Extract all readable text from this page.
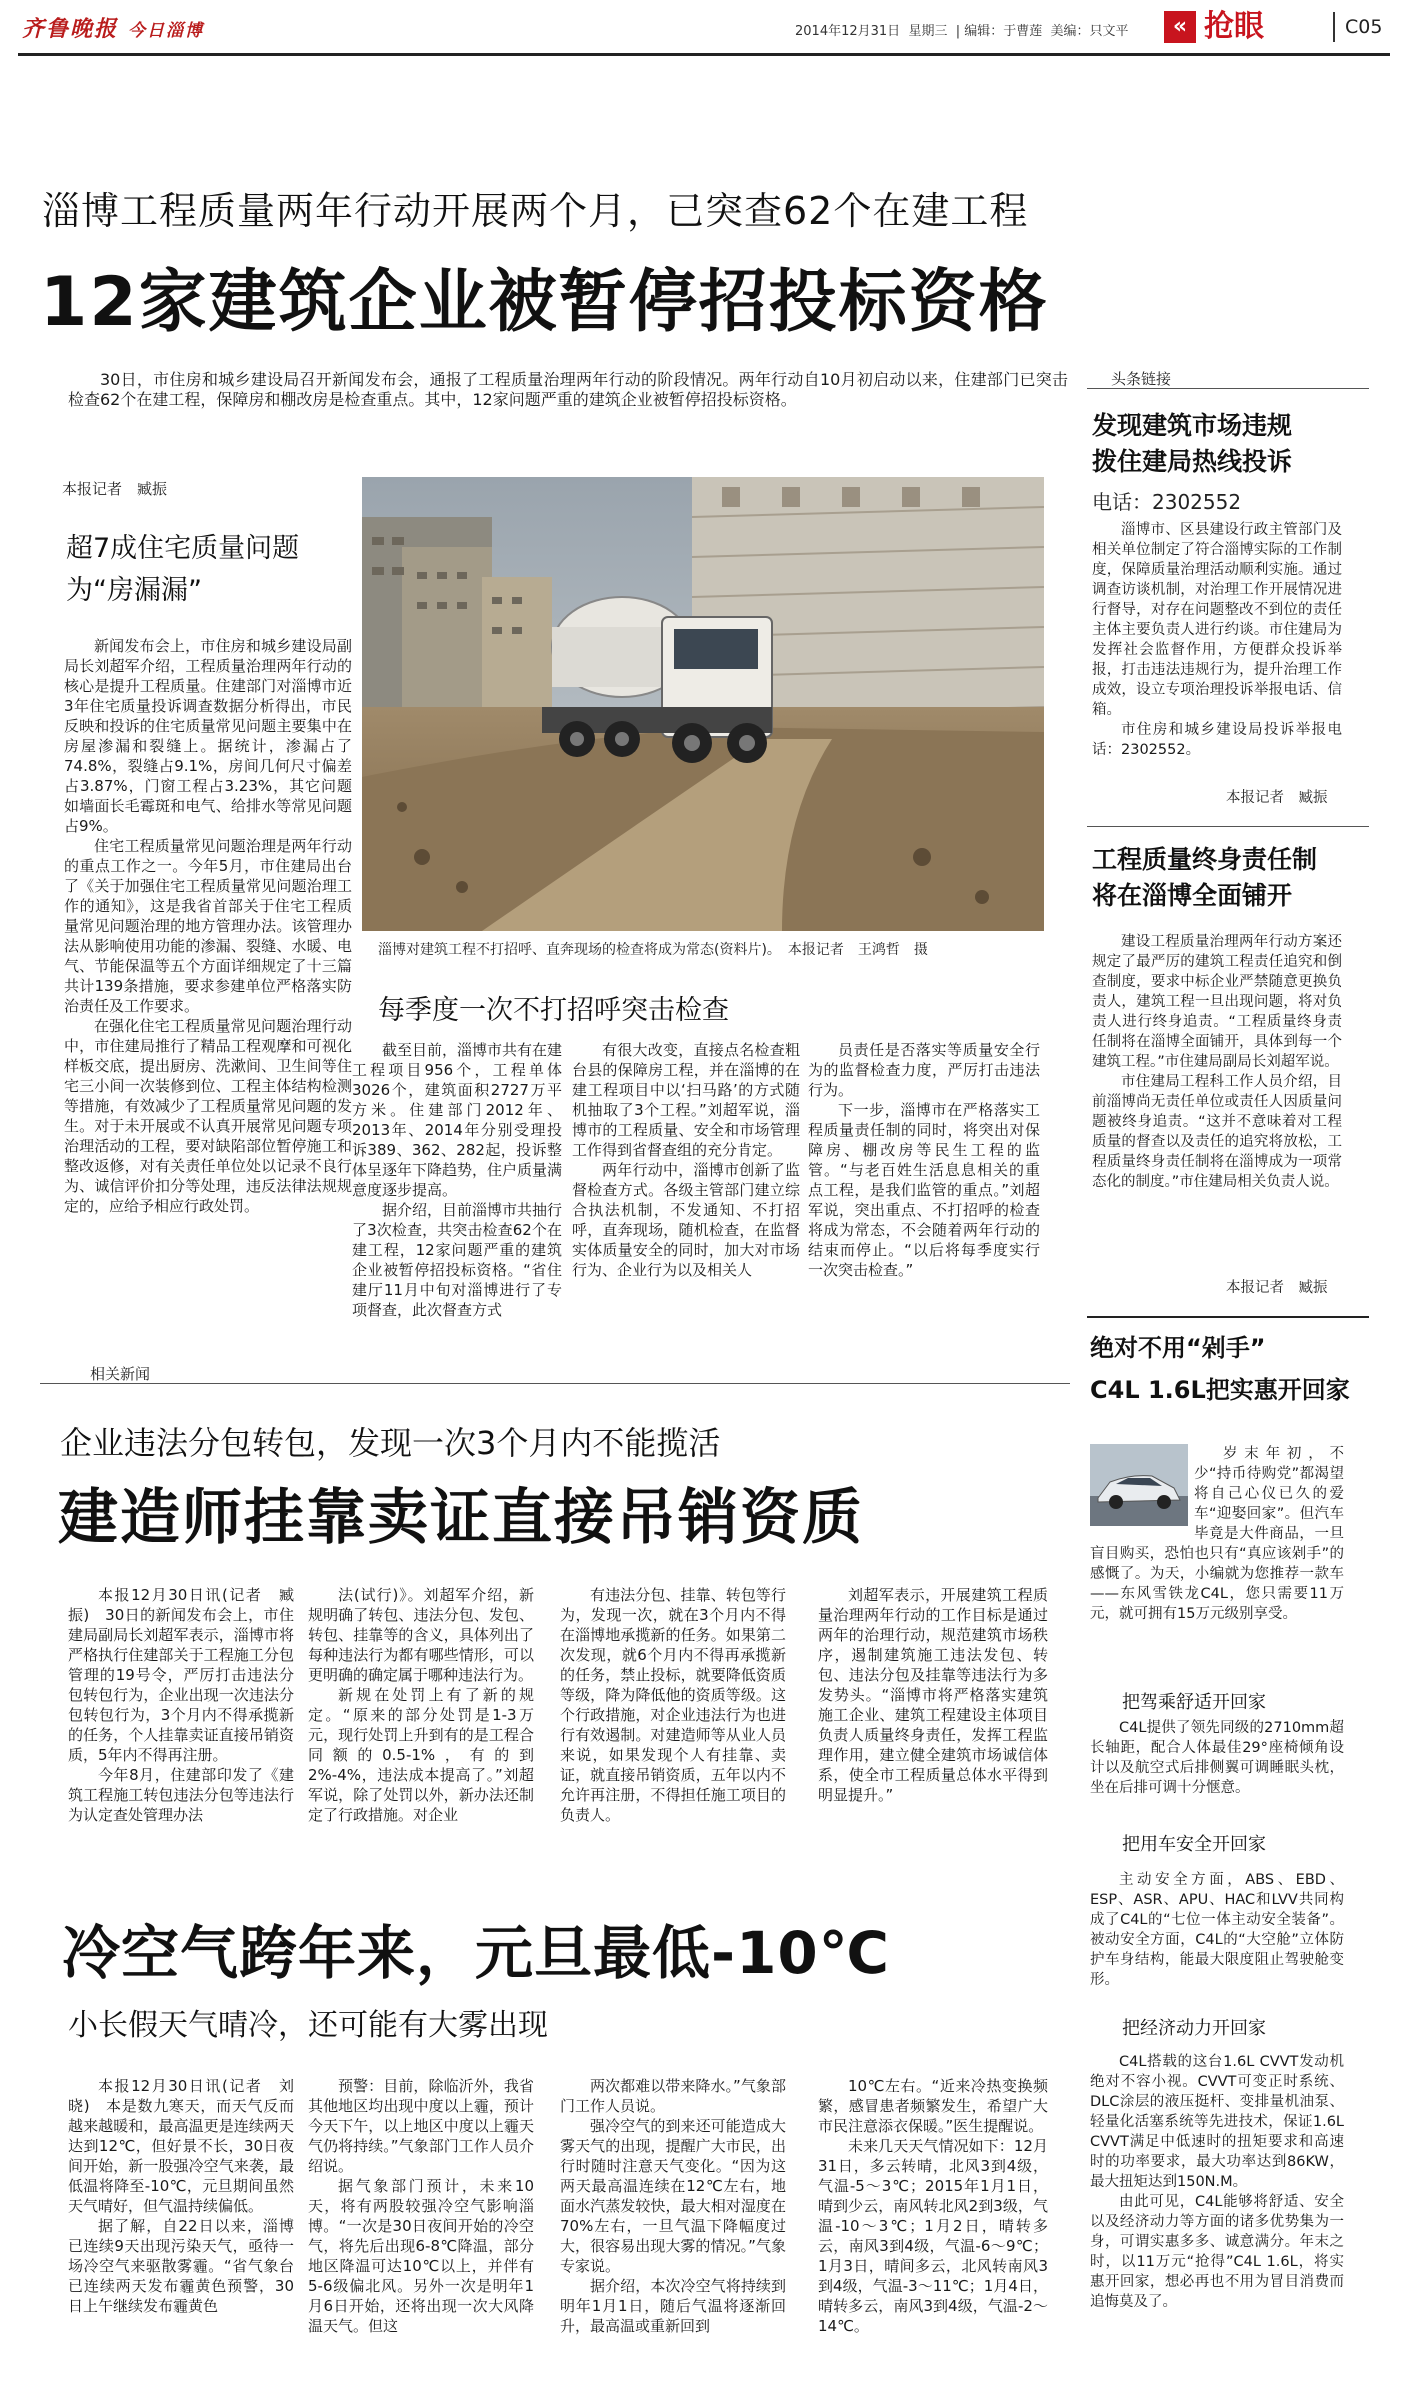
齐鲁晚报 今日淄博	2014年12月31日 星期三  | 编辑：于曹莲 美编：只文平	« 抢眼	C05
淄博工程质量两年行动开展两个月，已突查62个在建工程
12家建筑企业被暂停招投标资格

30日，市住房和城乡建设局召开新闻发布会，通报了工程质量治理两年行动的阶段情况。两年行动自10月初启动以来，住建部门已突击检查62个在建工程，保障房和棚改房是检查重点。其中，12家问题严重的建筑企业被暂停招投标资格。

本报记者　臧振
超7成住宅质量问题为“房漏漏”

新闻发布会上，市住房和城乡建设局副局长刘超军介绍，工程质量治理两年行动的核心是提升工程质量。住建部门对淄博市近3年住宅质量投诉调查数据分析得出，市民反映和投诉的住宅质量常见问题主要集中在房屋渗漏和裂缝上。据统计，渗漏占了74.8%，裂缝占9.1%，房间几何尺寸偏差占3.87%，门窗工程占3.23%，其它问题如墙面长毛霉斑和电气、给排水等常见问题占9%。

住宅工程质量常见问题治理是两年行动的重点工作之一。今年5月，市住建局出台了《关于加强住宅工程质量常见问题治理工作的通知》，这是我省首部关于住宅工程质量常见问题治理的地方管理办法。该管理办法从影响使用功能的渗漏、裂缝、水暖、电气、节能保温等五个方面详细规定了十三篇共计139条措施，要求参建单位严格落实防治责任及工作要求。

在强化住宅工程质量常见问题治理行动中，市住建局推行了精品工程观摩和可视化样板交底，提出厨房、洗漱间、卫生间等住宅三小间一次装修到位、工程主体结构检测等措施，有效减少了工程质量常见问题的发生。对于未开展或不认真开展常见问题专项治理活动的工程，要对缺陷部位暂停施工和整改返修，对有关责任单位处以记录不良行为、诚信评价扣分等处理，违反法律法规规定的，应给予相应行政处罚。

淄博对建筑工程不打招呼、直奔现场的检查将成为常态(资料片)。　本报记者　王鸿哲　摄
每季度一次不打招呼突击检查

截至目前，淄博市共有在建工程项目956个，工程单体3026个，建筑面积2727万平方米。住建部门2012年、2013年、2014年分别受理投诉389、362、282起，投诉整体呈逐年下降趋势，住户质量满意度逐步提高。

据介绍，目前淄博市共抽行了3次检查，共突击检查62个在建工程，12家问题严重的建筑企业被暂停招投标资格。“省住建厅11月中旬对淄博进行了专项督查，此次督查方式

有很大改变，直接点名检查粗台县的保障房工程，并在淄博的在建工程项目中以‘扫马路’的方式随机抽取了3个工程。”刘超军说，淄博市的工程质量、安全和市场管理工作得到省督查组的充分肯定。

两年行动中，淄博市创新了监督检查方式。各级主管部门建立综合执法机制，不发通知、不打招呼，直奔现场，随机检查，在监督实体质量安全的同时，加大对市场行为、企业行为以及相关人

员责任是否落实等质量安全行为的监督检查力度，严厉打击违法行为。

下一步，淄博市在严格落实工程质量责任制的同时，将突出对保障房、棚改房等民生工程的监管。“与老百姓生活息息相关的重点工程，是我们监管的重点。”刘超军说，突出重点、不打招呼的检查将成为常态，不会随着两年行动的结束而停止。“以后将每季度实行一次突击检查。”

头条链接
发现建筑市场违规
拨住建局热线投诉
电话：2302552

淄博市、区县建设行政主管部门及相关单位制定了符合淄博实际的工作制度，保障质量治理活动顺利实施。通过调查访谈机制，对治理工作开展情况进行督导，对存在问题整改不到位的责任主体主要负责人进行约谈。市住建局为发挥社会监督作用，方便群众投诉举报，打击违法违规行为，提升治理工作成效，设立专项治理投诉举报电话、信箱。

市住房和城乡建设局投诉举报电话：2302552。

本报记者　臧振
工程质量终身责任制
将在淄博全面铺开

建设工程质量治理两年行动方案还规定了最严厉的建筑工程责任追究和倒查制度，要求中标企业严禁随意更换负责人，建筑工程一旦出现问题，将对负责人进行终身追责。“工程质量终身责任制将在淄博全面铺开，具体到每一个建筑工程。”市住建局副局长刘超军说。

市住建局工程科工作人员介绍，目前淄博尚无责任单位或责任人因质量问题被终身追责。“这并不意味着对工程质量的督查以及责任的追究将放松，工程质量终身责任制将在淄博成为一项常态化的制度。”市住建局相关负责人说。

本报记者　臧振
绝对不用“剁手”
C4L 1.6L把实惠开回家

岁末年初，不少“持币待购党”都渴望将自己心仪已久的爱车“迎娶回家”。但汽车毕竟是大件商品，一旦盲目购买，恐怕也只有“真应该剁手”的感慨了。为天，小编就为您推荐一款车——东风雪铁龙C4L，您只需要11万元，就可拥有15万元级别享受。

把驾乘舒适开回家

C4L提供了领先同级的2710mm超长轴距，配合人体最佳29°座椅倾角设计以及航空式后排侧翼可调睡眠头枕，坐在后排可调十分惬意。

把用车安全开回家

主动安全方面，ABS、EBD、ESP、ASR、APU、HAC和LVV共同构成了C4L的“七位一体主动安全装备”。被动安全方面，C4L的“大空舱”立体防护车身结构，能最大限度阻止驾驶舱变形。

把经济动力开回家

C4L搭载的这台1.6L CVVT发动机绝对不容小视。CVVT可变正时系统、DLC涂层的液压挺杆、变排量机油泵、轻量化活塞系统等先进技术，保证1.6L CVVT满足中低速时的扭矩要求和高速时的功率要求，最大功率达到86KW，最大扭矩达到150N.M。

由此可见，C4L能够将舒适、安全以及经济动力等方面的诸多优势集为一身，可谓实惠多多、诚意满分。年末之时，以11万元“抢得”C4L 1.6L，将实惠开回家，想必再也不用为冒目消费而追悔莫及了。

相关新闻
企业违法分包转包，发现一次3个月内不能揽活
建造师挂靠卖证直接吊销资质

本报12月30日讯(记者　臧振)　30日的新闻发布会上，市住建局副局长刘超军表示，淄博市将严格执行住建部关于工程施工分包管理的19号令，严厉打击违法分包转包行为，企业出现一次违法分包转包行为，3个月内不得承揽新的任务，个人挂靠卖证直接吊销资质，5年内不得再注册。

今年8月，住建部印发了《建筑工程施工转包违法分包等违法行为认定查处管理办法

法(试行)》。刘超军介绍，新规明确了转包、违法分包、发包、转包、挂靠等的含义，具体列出了每种违法行为都有哪些情形，可以更明确的确定属于哪种违法行为。

新规在处罚上有了新的规定。“原来的部分处罚是1-3万元，现行处罚上升到有的是工程合同额的0.5-1%，有的到2%-4%，违法成本提高了。”刘超军说，除了处罚以外，新办法还制定了行政措施。对企业

有违法分包、挂靠、转包等行为，发现一次，就在3个月内不得在淄博地承揽新的任务。如果第二次发现，就6个月内不得再承揽新的任务，禁止投标，就要降低资质等级，降为降低他的资质等级。这个行政措施，对企业违法行为也进行有效遏制。对建造师等从业人员来说，如果发现个人有挂靠、卖证，就直接吊销资质，五年以内不允许再注册，不得担任施工项目的负责人。

刘超军表示，开展建筑工程质量治理两年行动的工作目标是通过两年的治理行动，规范建筑市场秩序，遏制建筑施工违法发包、转包、违法分包及挂靠等违法行为多发势头。“淄博市将严格落实建筑施工企业、建筑工程建设主体项目负责人质量终身责任，发挥工程监理作用，建立健全建筑市场诚信体系，使全市工程质量总体水平得到明显提升。”

冷空气跨年来，元旦最低-10℃
小长假天气晴冷，还可能有大雾出现

本报12月30日讯(记者　刘晓)　本是数九寒天，而天气反而越来越暖和，最高温更是连续两天达到12℃，但好景不长，30日夜间开始，新一股强冷空气来袭，最低温将降至-10℃，元旦期间虽然天气晴好，但气温持续偏低。

据了解，自22日以来，淄博已连续9天出现污染天气，亟待一场冷空气来驱散雾霾。“省气象台已连续两天发布霾黄色预警，30日上午继续发布霾黄色

预警：目前，除临沂外，我省其他地区均出现中度以上霾，预计今天下午，以上地区中度以上霾天气仍将持续。”气象部门工作人员介绍说。

据气象部门预计，未来10天，将有两股较强冷空气影响淄博。“一次是30日夜间开始的冷空气，将先后出现6-8℃降温，部分地区降温可达10℃以上，并伴有5-6级偏北风。另外一次是明年1月6日开始，还将出现一次大风降温天气。但这

两次都难以带来降水。”气象部门工作人员说。

强冷空气的到来还可能造成大雾天气的出现，提醒广大市民，出行时随时注意天气变化。“因为这两天最高温连续在12℃左右，地面水汽蒸发较快，最大相对湿度在70%左右，一旦气温下降幅度过大，很容易出现大雾的情况。”气象专家说。

据介绍，本次冷空气将持续到明年1月1日，随后气温将逐渐回升，最高温或重新回到

10℃左右。“近来冷热变换频繁，感冒患者频繁发生，希望广大市民注意添衣保暖。”医生提醒说。

未来几天天气情况如下：12月31日，多云转晴，北风3到4级，气温-5～3℃；2015年1月1日，晴到少云，南风转北风2到3级，气温-10～3℃；1月2日，晴转多云，南风3到4级，气温-6～9℃；1月3日，晴间多云，北风转南风3到4级，气温-3～11℃；1月4日，晴转多云，南风3到4级，气温-2～14℃。
